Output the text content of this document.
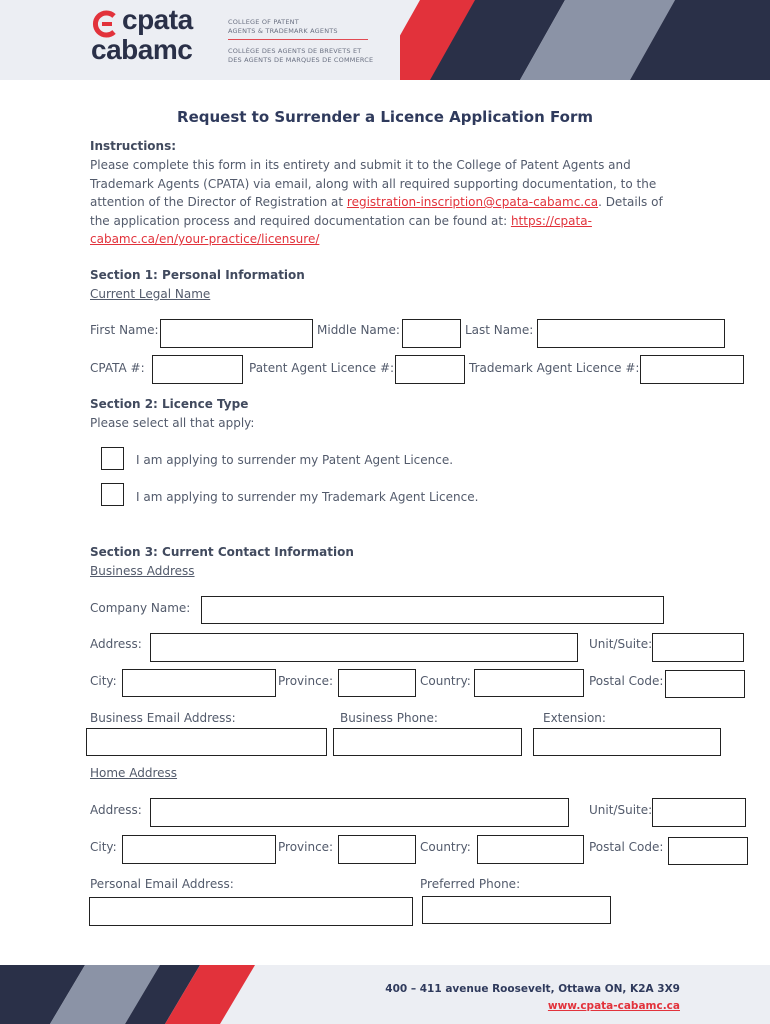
cpata
cabamc
COLLEGE OF PATENT
AGENTS & TRADEMARK AGENTS
COLLÈGE DES AGENTS DE BREVETS ET
DES AGENTS DE MARQUES DE COMMERCE
Request to Surrender a Licence Application Form
Instructions:
Please complete this form in its entirety and submit it to the College of Patent Agents and Trademark Agents (CPATA) via email, along with all required supporting documentation, to the attention of the Director of Registration at registration-inscription@cpata-cabamc.ca. Details of the application process and required documentation can be found at: https://cpata-cabamc.ca/en/your-practice/licensure/
Section 1: Personal Information
Current Legal Name
First Name:	Middle Name:	Last Name:
CPATA #:	Patent Agent Licence #:	Trademark Agent Licence #:
Section 2: Licence Type
Please select all that apply:
I am applying to surrender my Patent Agent Licence.
I am applying to surrender my Trademark Agent Licence.
Section 3: Current Contact Information
Business Address
Company Name:
Address:	Unit/Suite:
City:	Province:	Country:	Postal Code:
Business Email Address:	Business Phone:	Extension:
Home Address
Address:	Unit/Suite:
City:	Province:	Country:	Postal Code:
Personal Email Address:	Preferred Phone:
400 – 411 avenue Roosevelt, Ottawa ON, K2A 3X9
www.cpata-cabamc.ca
